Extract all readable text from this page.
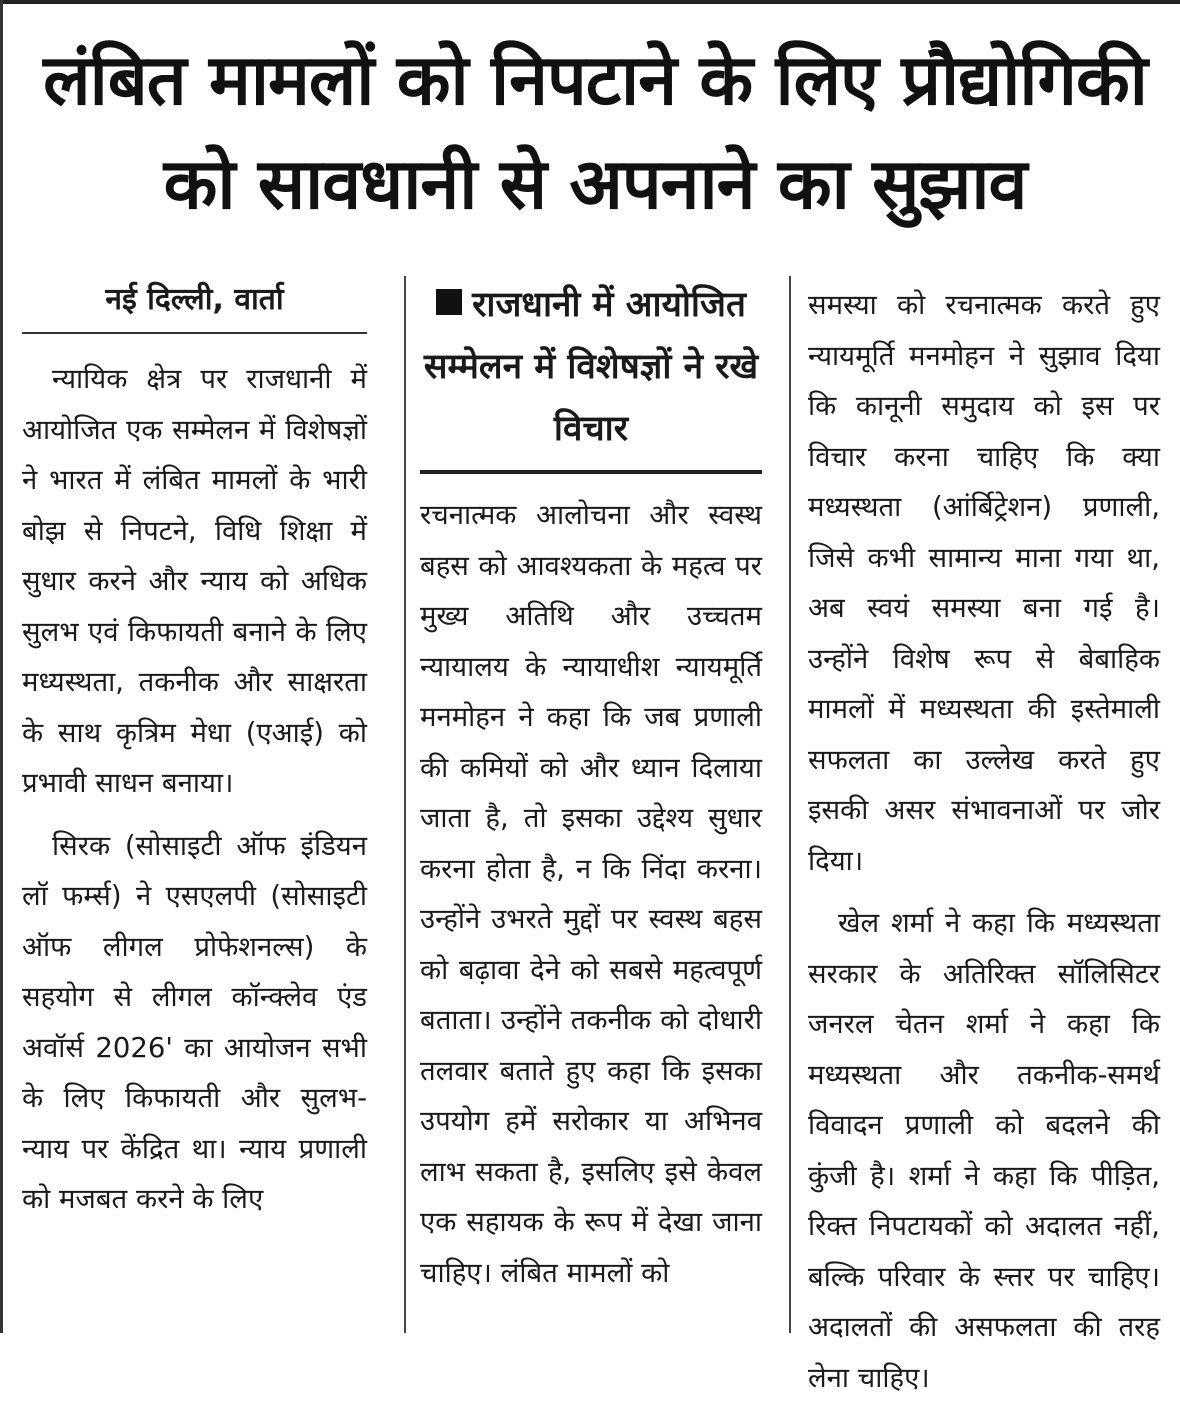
लंबित मामलों को निपटाने के लिए प्रौद्योगिकी
को सावधानी से अपनाने का सुझाव
नई दिल्ली, वार्ता

न्यायिक क्षेत्र पर राजधानी में आयोजित एक सम्मेलन में विशेषज्ञों ने भारत में लंबित मामलों के भारी बोझ से निपटने, विधि शिक्षा में सुधार करने और न्याय को अधिक सुलभ एवं किफायती बनाने के लिए मध्यस्थता, तकनीक और साक्षरता के साथ कृत्रिम मेधा (एआई) को प्रभावी साधन बनाया।

सिरक (सोसाइटी ऑफ इंडियन लॉ फर्म्स) ने एसएलपी (सोसाइटी ऑफ लीगल प्रोफेशनल्स) के सहयोग से लीगल कॉन्क्लेव एंड अवॉर्स 2026' का आयोजन सभी के लिए किफायती और सुलभ-न्याय पर केंद्रित था। न्याय प्रणाली को मजबत करने के लिए

राजधानी में आयोजित सम्मेलन में विशेषज्ञों ने रखे विचार

रचनात्मक आलोचना और स्वस्थ बहस को आवश्यकता के महत्व पर मुख्य अतिथि और उच्चतम न्यायालय के न्यायाधीश न्यायमूर्ति मनमोहन ने कहा कि जब प्रणाली की कमियों को और ध्यान दिलाया जाता है, तो इसका उद्देश्य सुधार करना होता है, न कि निंदा करना। उन्होंने उभरते मुद्दों पर स्वस्थ बहस को बढ़ावा देने को सबसे महत्वपूर्ण बताता। उन्होंने तकनीक को दोधारी तलवार बताते हुए कहा कि इसका उपयोग हमें सरोकार या अभिनव लाभ सकता है, इसलिए इसे केवल एक सहायक के रूप में देखा जाना चाहिए। लंबित मामलों को

समस्या को रचनात्मक करते हुए न्यायमूर्ति मनमोहन ने सुझाव दिया कि कानूनी समुदाय को इस पर विचार करना चाहिए कि क्या मध्यस्थता (आंर्बिट्रेशन) प्रणाली, जिसे कभी सामान्य माना गया था, अब स्वयं समस्या बना गई है। उन्होंने विशेष रूप से बेबाहिक मामलों में मध्यस्थता की इस्तेमाली सफलता का उल्लेख करते हुए इसकी असर संभावनाओं पर जोर दिया।

खेल शर्मा ने कहा कि मध्यस्थता सरकार के अतिरिक्त सॉलिसिटर जनरल चेतन शर्मा ने कहा कि मध्यस्थता और तकनीक-समर्थ विवादन प्रणाली को बदलने की कुंजी है। शर्मा ने कहा कि पीड़ित, रिक्त निपटायकों को अदालत नहीं, बल्कि परिवार के स्त्तर पर चाहिए। अदालतों की असफलता की तरह लेना चाहिए।
